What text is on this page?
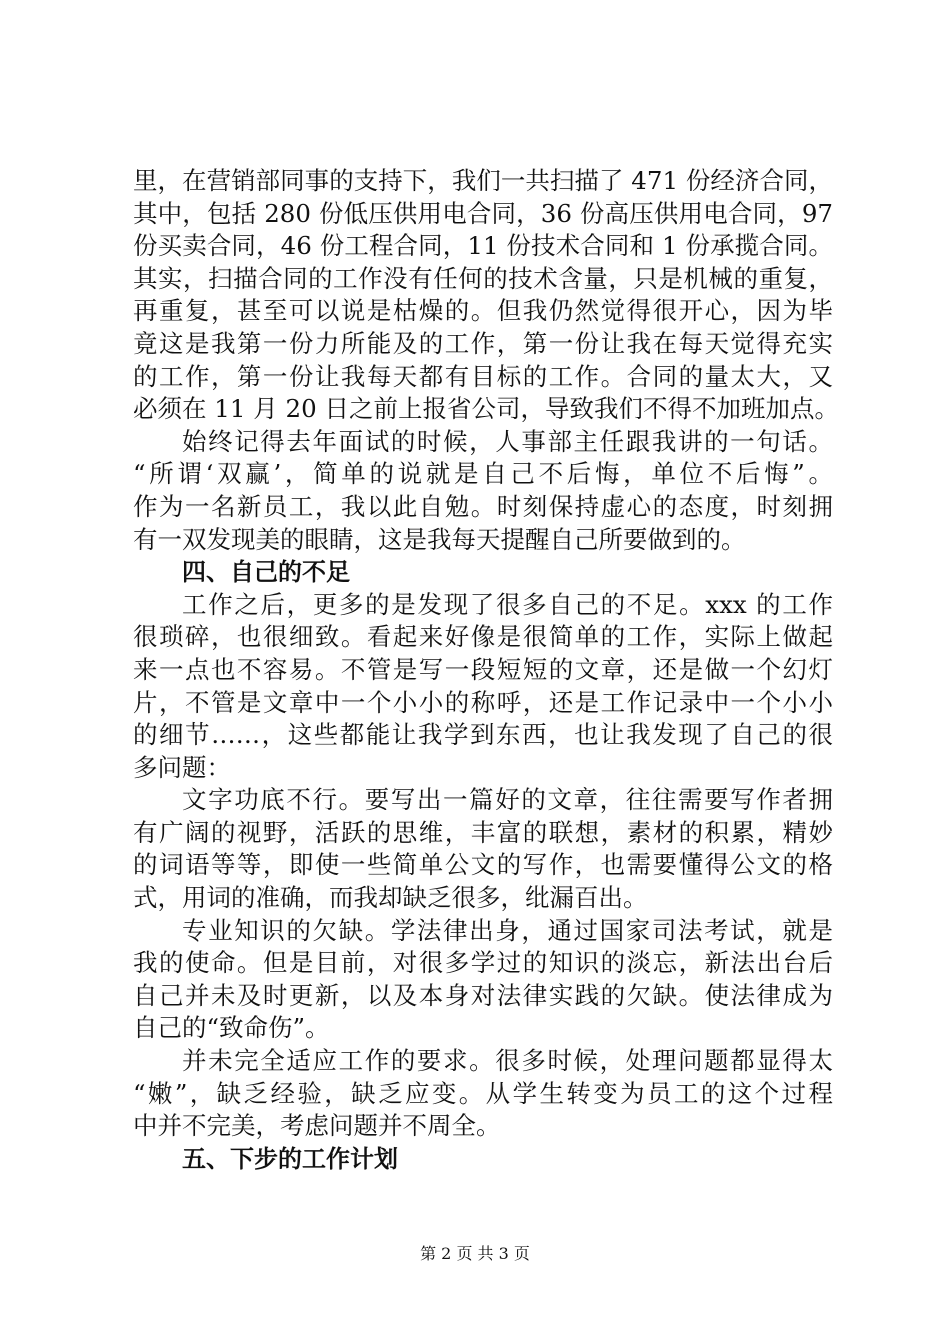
里，在营销部同事的支持下，我们一共扫描了 471 份经济合同，
其中，包括 280 份低压供用电合同，36 份高压供用电合同，97
份买卖合同，46 份工程合同，11 份技术合同和 1 份承揽合同。
其实，扫描合同的工作没有任何的技术含量，只是机械的重复，
再重复，甚至可以说是枯燥的。但我仍然觉得很开心，因为毕
竟这是我第一份力所能及的工作，第一份让我在每天觉得充实
的工作，第一份让我每天都有目标的工作。合同的量太大，又
必须在 11 月 20 日之前上报省公司，导致我们不得不加班加点。
始终记得去年面试的时候，人事部主任跟我讲的一句话。
“所谓‘双赢’，简单的说就是自己不后悔，单位不后悔”。
作为一名新员工，我以此自勉。时刻保持虚心的态度，时刻拥
有一双发现美的眼睛，这是我每天提醒自己所要做到的。
四、自己的不足
工作之后，更多的是发现了很多自己的不足。xxx 的工作
很琐碎，也很细致。看起来好像是很简单的工作，实际上做起
来一点也不容易。不管是写一段短短的文章，还是做一个幻灯
片，不管是文章中一个小小的称呼，还是工作记录中一个小小
的细节……，这些都能让我学到东西，也让我发现了自己的很
多问题：
文字功底不行。要写出一篇好的文章，往往需要写作者拥
有广阔的视野，活跃的思维，丰富的联想，素材的积累，精妙
的词语等等，即使一些简单公文的写作，也需要懂得公文的格
式，用词的准确，而我却缺乏很多，纰漏百出。
专业知识的欠缺。学法律出身，通过国家司法考试，就是
我的使命。但是目前，对很多学过的知识的淡忘，新法出台后
自己并未及时更新，以及本身对法律实践的欠缺。使法律成为
自己的“致命伤”。
并未完全适应工作的要求。很多时候，处理问题都显得太
“嫩”，缺乏经验，缺乏应变。从学生转变为员工的这个过程
中并不完美，考虑问题并不周全。
五、下步的工作计划
第 2 页 共 3 页
